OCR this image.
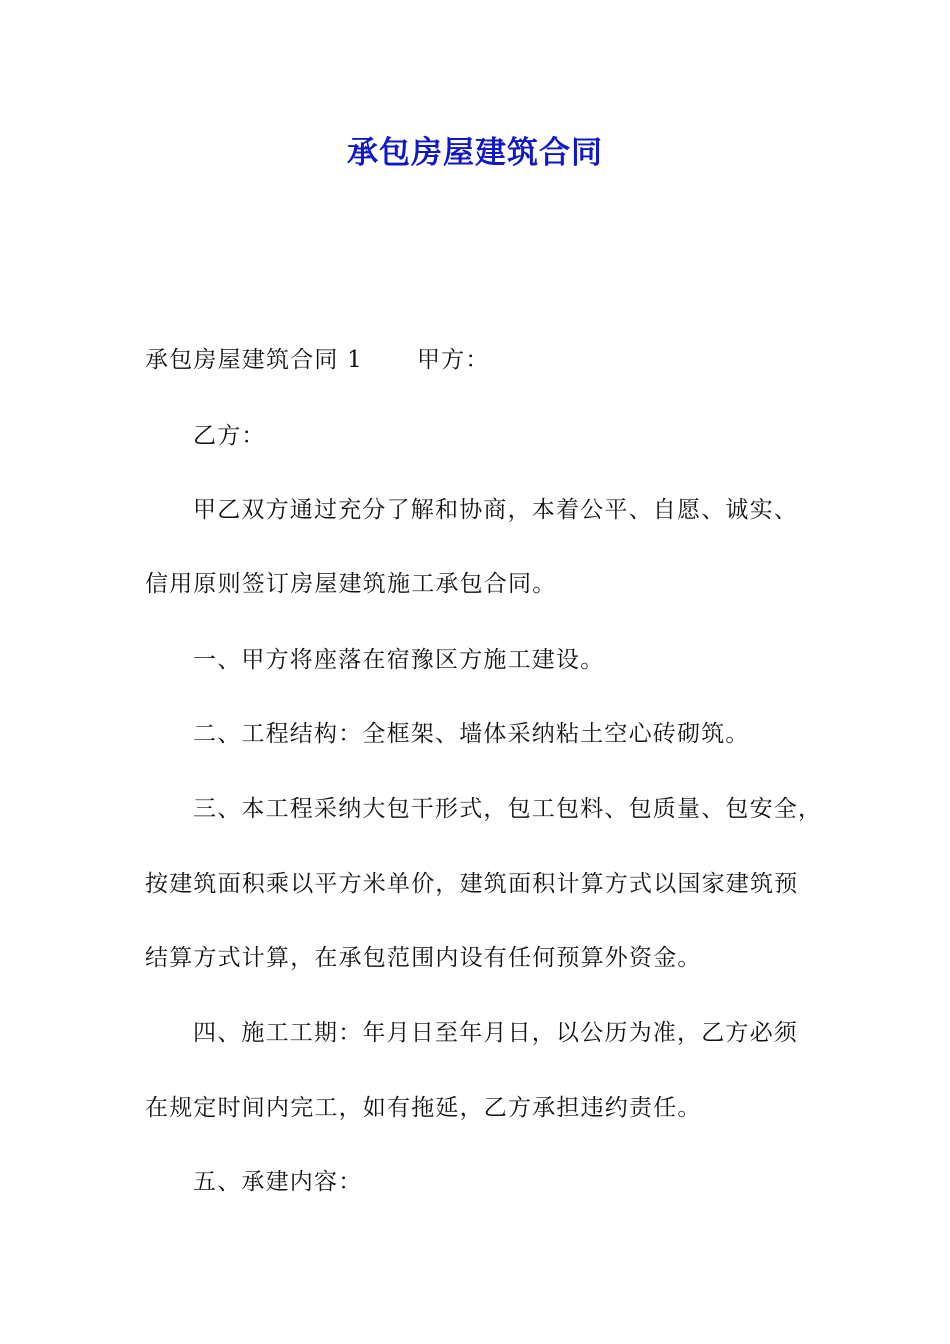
承包房屋建筑合同
承包房屋建筑合同 1 甲方：
乙方：
甲乙双方通过充分了解和协商，本着公平、自愿、诚实、
信用原则签订房屋建筑施工承包合同。
一、甲方将座落在宿豫区方施工建设。
二、工程结构：全框架、墙体采纳粘土空心砖砌筑。
三、本工程采纳大包干形式，包工包料、包质量、包安全，
按建筑面积乘以平方米单价，建筑面积计算方式以国家建筑预
结算方式计算，在承包范围内设有任何预算外资金。
四、施工工期：年月日至年月日，以公历为准，乙方必须
在规定时间内完工，如有拖延，乙方承担违约责任。
五、承建内容：
